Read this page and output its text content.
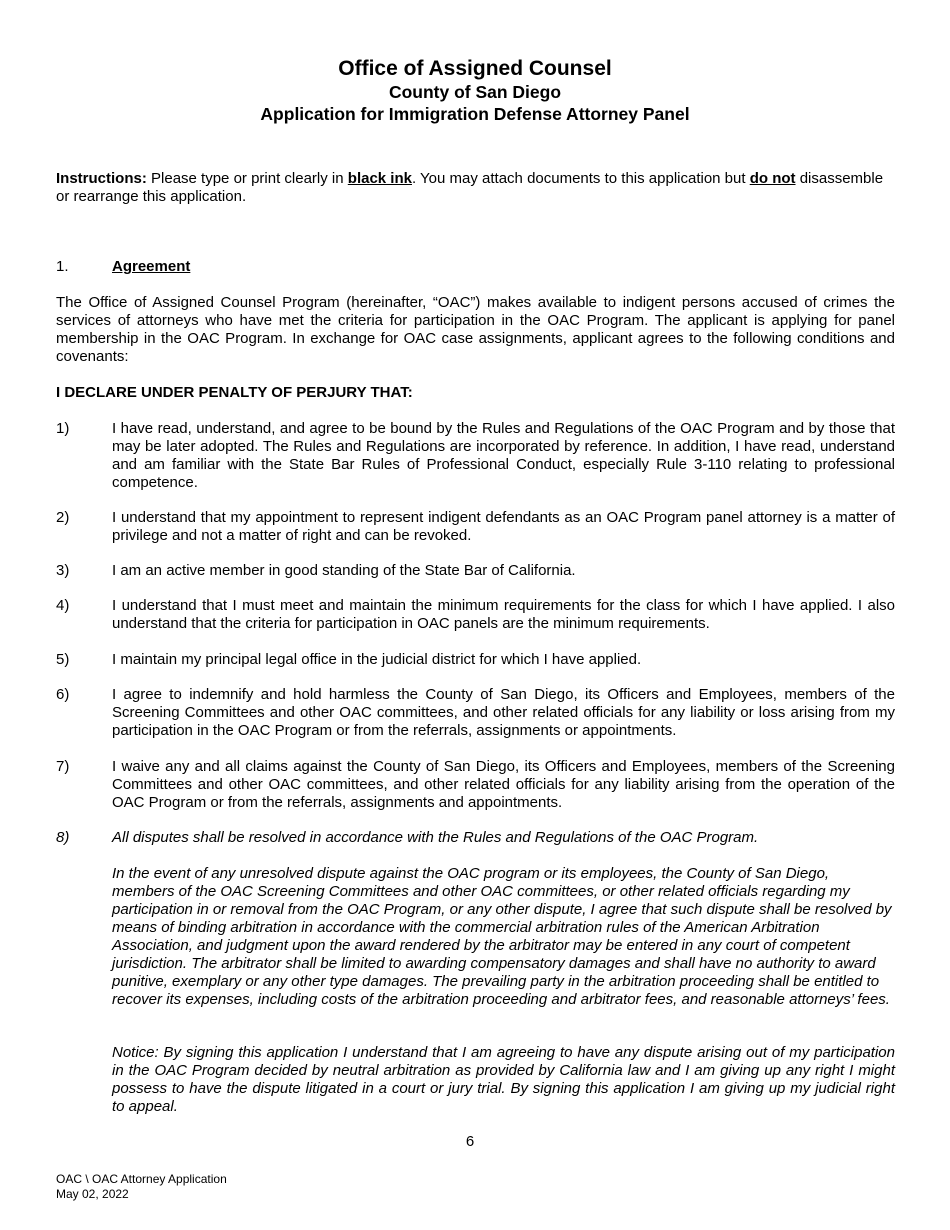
Office of Assigned Counsel
County of San Diego
Application for Immigration Defense Attorney Panel
Instructions: Please type or print clearly in black ink. You may attach documents to this application but do not disassemble or rearrange this application.
1.	Agreement
The Office of Assigned Counsel Program (hereinafter, “OAC”) makes available to indigent persons accused of crimes the services of attorneys who have met the criteria for participation in the OAC Program. The applicant is applying for panel membership in the OAC Program. In exchange for OAC case assignments, applicant agrees to the following conditions and covenants:
I DECLARE UNDER PENALTY OF PERJURY THAT:
1)	I have read, understand, and agree to be bound by the Rules and Regulations of the OAC Program and by those that may be later adopted. The Rules and Regulations are incorporated by reference. In addition, I have read, understand and am familiar with the State Bar Rules of Professional Conduct, especially Rule 3-110 relating to professional competence.
2)	I understand that my appointment to represent indigent defendants as an OAC Program panel attorney is a matter of privilege and not a matter of right and can be revoked.
3)	I am an active member in good standing of the State Bar of California.
4)	I understand that I must meet and maintain the minimum requirements for the class for which I have applied. I also understand that the criteria for participation in OAC panels are the minimum requirements.
5)	I maintain my principal legal office in the judicial district for which I have applied.
6)	I agree to indemnify and hold harmless the County of San Diego, its Officers and Employees, members of the Screening Committees and other OAC committees, and other related officials for any liability or loss arising from my participation in the OAC Program or from the referrals, assignments or appointments.
7)	I waive any and all claims against the County of San Diego, its Officers and Employees, members of the Screening Committees and other OAC committees, and other related officials for any liability arising from the operation of the OAC Program or from the referrals, assignments and appointments.
8)	All disputes shall be resolved in accordance with the Rules and Regulations of the OAC Program.
In the event of any unresolved dispute against the OAC program or its employees, the County of San Diego, members of the OAC Screening Committees and other OAC committees, or other related officials regarding my participation in or removal from the OAC Program, or any other dispute, I agree that such dispute shall be resolved by means of binding arbitration in accordance with the commercial arbitration rules of the American Arbitration Association, and judgment upon the award rendered by the arbitrator may be entered in any court of competent jurisdiction. The arbitrator shall be limited to awarding compensatory damages and shall have no authority to award punitive, exemplary or any other type damages. The prevailing party in the arbitration proceeding shall be entitled to recover its expenses, including costs of the arbitration proceeding and arbitrator fees, and reasonable attorneys’ fees.
Notice: By signing this application I understand that I am agreeing to have any dispute arising out of my participation in the OAC Program decided by neutral arbitration as provided by California law and I am giving up any right I might possess to have the dispute litigated in a court or jury trial. By signing this application I am giving up my judicial right to appeal.
6
OAC \ OAC Attorney Application
May 02, 2022
